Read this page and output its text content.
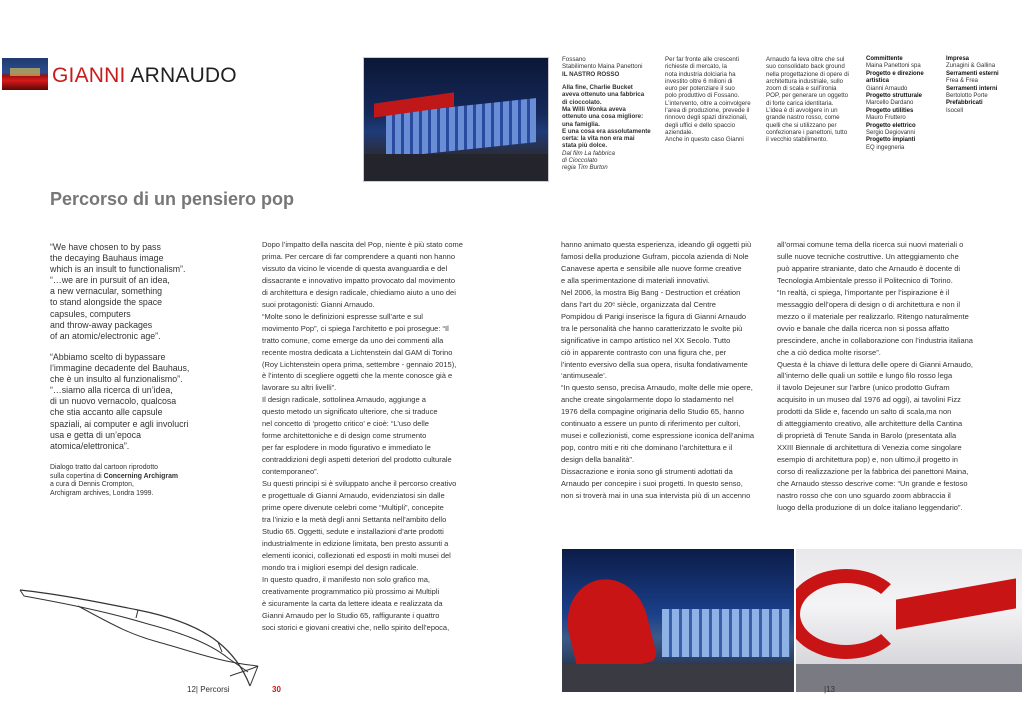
GIANNI ARNAUDO
Fossano
Stabilimento Maina Panettoni
IL NASTRO ROSSO
Alla fine, Charlie Bucket
aveva ottenuto una fabbrica
di cioccolato.
Ma Willi Wonka aveva
ottenuto una cosa migliore:
una famiglia.
E una cosa era assolutamente
certa: la vita non era mai
stata più dolce.
Dal film La fabbrica
di Cioccolato
regia Tim Burton
Per far fronte alle crescenti
richieste di mercato, la
nota industria dolciaria ha
investito oltre 6 milioni di
euro per potenziare il suo
polo produttivo di Fossano.
L’intervento, oltre a coinvolgere
l’area di produzione, prevede il
rinnovo degli spazi direzionali,
degli uffici e dello spaccio
aziendale.
Anche in questo caso Gianni
Arnaudo fa leva oltre che sul
suo consolidato back ground
nella progettazione di opere di
architettura industriale, sullo
zoom di scala e sull’ironia
POP, per generare un oggetto
di forte carica identitaria.
L’idea è di avvolgere in un
grande nastro rosso, come
quelli che si utilizzano per
confezionare i panettoni, tutto
il vecchio stabilimento.
Committente
Maina Panettoni spa
Progetto e direzione artistica
Gianni Arnaudo
Progetto strutturale
Marcello Dardano
Progetto utilities
Mauro Fruttero
Progetto elettrico
Sergio Degiovanni
Progetto impianti
EQ ingegneria
Impresa
Zunagini & Gallina
Serramenti esterni
Frea & Frea
Serramenti interni
Bertolotto Porte
Prefabbricati
Isocell
Percorso di un pensiero pop
“We have chosen to by pass
the decaying Bauhaus image
which is an insult to functionalism”.
“…we are in pursuit of an idea,
a new vernacular, something
to stand alongside the space
capsules, computers
and throw-away packages
of an atomic/electronic age”.
“Abbiamo scelto di bypassare
l’immagine decadente del Bauhaus,
che è un insulto al funzionalismo”.
“…siamo alla ricerca di un’idea,
di un nuovo vernacolo, qualcosa
che stia accanto alle capsule
spaziali, ai computer e agli involucri
usa e getta di un’epoca
atomica/elettronica”.
Dialogo tratto dal cartoon riprodotto
sulla copertina di Concerning Archigram
a cura di Dennis Crompton,
Archigram archives, Londra 1999.
Dopo l’impatto della nascita del Pop, niente è più stato come
prima. Per cercare di far comprendere a quanti non hanno
vissuto da vicino le vicende di questa avanguardia e del
dissacrante e innovativo impatto provocato dal movimento
di architettura e design radicale, chiediamo aiuto a uno dei
suoi protagonisti: Gianni Arnaudo.
“Molte sono le definizioni espresse sull’arte e sul
movimento Pop”, ci spiega l’architetto e poi prosegue: “Il
tratto comune, come emerge da uno dei commenti alla
recente mostra dedicata a Lichtenstein dal GAM di Torino
(Roy Lichtenstein opera prima, settembre - gennaio 2015),
è l’intento di scegliere oggetti che la mente conosce già e
lavorare su altri livelli”.
Il design radicale, sottolinea Arnaudo, aggiunge a
questo metodo un significato ulteriore, che si traduce
nel concetto di ‘progetto critico’ e cioè: “L’uso delle
forme architettoniche e di design come strumento
per far esplodere in modo figurativo e immediato le
contraddizioni degli aspetti deteriori del prodotto culturale
contemporaneo”.
Su questi principi si è sviluppato anche il percorso creativo
e progettuale di Gianni Arnaudo, evidenziatosi sin dalle
prime opere divenute celebri come “Multipli”, concepite
tra l’inizio e la metà degli anni Settanta nell’ambito dello
Studio 65. Oggetti, sedute e installazioni d’arte prodotti
industrialmente in edizione limitata, ben presto assunti a
elementi iconici, collezionati ed esposti in molti musei del
mondo tra i migliori esempi del design radicale.
In questo quadro, il manifesto non solo grafico ma,
creativamente programmatico più prossimo ai Multipli
è sicuramente la carta da lettere ideata e realizzata da
Gianni Arnaudo per lo Studio 65, raffigurante i quattro
soci storici e giovani creativi che, nello spirito dell’epoca,
hanno animato questa esperienza, ideando gli oggetti più
famosi della produzione Gufram, piccola azienda di Nole
Canavese aperta e sensibile alle nuove forme creative
e alla sperimentazione di materiali innovativi.
Nel 2006, la mostra Big Bang - Destruction et création
dans l’art du 20ᵉ siècle, organizzata dal Centre
Pompidou di Parigi inserisce la figura di Gianni Arnaudo
tra le personalità che hanno caratterizzato le svolte più
significative in campo artistico nel XX Secolo. Tutto
ciò in apparente contrasto con una figura che, per
l’intento eversivo della sua opera, risulta fondativamente
‘antimuseale’.
“In questo senso, precisa Arnaudo, molte delle mie opere,
anche create singolarmente dopo lo stadamento nel
1976 della compagine originaria dello Studio 65, hanno
continuato a essere un punto di riferimento per cultori,
musei e collezionisti, come espressione iconica dell’anima
pop, contro miti e riti che dominano l’architettura e il
design della banalità”.
Dissacrazione e ironia sono gli strumenti adottati da
Arnaudo per concepire i suoi progetti. In questo senso,
non si troverà mai in una sua intervista più di un accenno
all’ormai comune tema della ricerca sui nuovi materiali o
sulle nuove tecniche costruttive. Un atteggiamento che
può apparire straniante, dato che Arnaudo è docente di
Tecnologia Ambientale presso il Politecnico di Torino.
“In realtà, ci spiega, l’importante per l’ispirazione è il
messaggio dell’opera di design o di architettura e non il
mezzo o il materiale per realizzarlo. Ritengo naturalmente
ovvio e banale che dalla ricerca non si possa affatto
prescindere, anche in collaborazione con l’industria italiana
che a ciò dedica molte risorse”.
Questa è la chiave di lettura delle opere di Gianni Arnaudo,
all’interno delle quali un sottile e lungo filo rosso lega
il tavolo Dejeuner sur l’arbre (unico prodotto Gufram
acquisito in un museo dal 1976 ad oggi), ai tavolini Fizz
prodotti da Slide e, facendo un salto di scala,ma non
di atteggiamento creativo, alle architetture della Cantina
di proprietà di Tenute Sanda in Barolo (presentata alla
XXIII Biennale di architettura di Venezia come singolare
esempio di architettura pop) e, non ultimo,il progetto in
corso di realizzazione per la fabbrica dei panettoni Maina,
che Arnaudo stesso descrive come: “Un grande e festoso
nastro rosso che con uno sguardo zoom abbraccia il
luogo della produzione di un dolce italiano leggendario”.
12| Percorsi	30	|13
